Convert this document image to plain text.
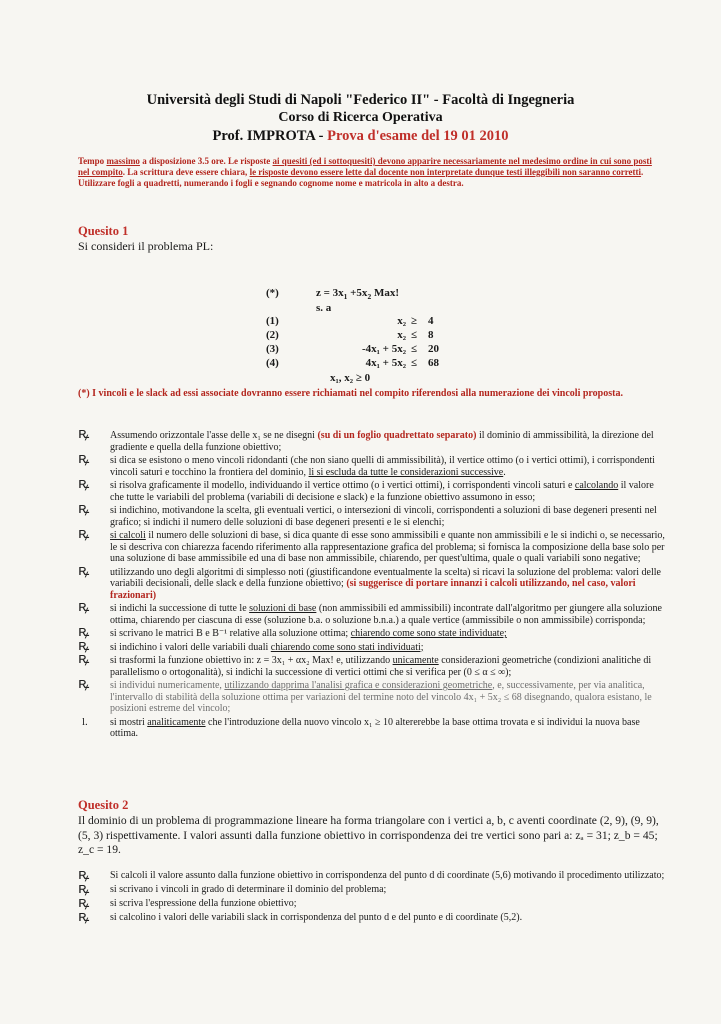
Università degli Studi di Napoli "Federico II" - Facoltà di Ingegneria
Corso di Ricerca Operativa
Prof. IMPROTA - Prova d'esame del 19 01 2010
Tempo massimo a disposizione 3.5 ore. Le risposte ai quesiti (ed i sottoquesiti) devono apparire necessariamente nel medesimo ordine in cui sono posti nel compito. La scrittura deve essere chiara, le risposte devono essere lette dal docente non interpretate dunque testi illeggibili non saranno corretti. Utilizzare fogli a quadretti, numerando i fogli e segnando cognome nome e matricola in alto a destra.
Quesito 1
Si consideri il problema PL:
(*)	$z = 3x_1 +5x_2$ Max!
s. a
(1)	x₂ ≥ 4
(2)	x₂ ≤ 8
(3)	-4x₁ + 5x₂ ≤ 20
(4)	4x₁ + 5x₂ ≤ 68
x₁, x₂ ≥ 0
(*) I vincoli e le slack ad essi associate dovranno essere richiamati nel compito riferendosi alla numerazione dei vincoli proposta.
ꝶ Assumendo orizzontale l'asse delle x₁ se ne disegni (su di un foglio quadrettato separato) il dominio di ammissibilità, la direzione del gradiente e quella della funzione obiettivo;
ꝶ si dica se esistono o meno vincoli ridondanti (che non siano quelli di ammissibilità), il vertice ottimo (o i vertici ottimi), i corrispondenti vincoli saturi e tocchino la frontiera del dominio, li si escluda da tutte le considerazioni successive.
ꝶ si risolva graficamente il modello, individuando il vertice ottimo (o i vertici ottimi), i corrispondenti vincoli saturi e calcolando il valore che tutte le variabili del problema (variabili di decisione e slack) e la funzione obiettivo assumono in esso;
ꝶ si indichino, motivandone la scelta, gli eventuali vertici, o intersezioni di vincoli, corrispondenti a soluzioni di base degeneri presenti nel grafico; si indichi il numero delle soluzioni di base degeneri presenti e le si elenchi;
ꝶ si calcoli il numero delle soluzioni di base, si dica quante di esse sono ammissibili e quante non ammissibili e le si indichi o, se necessario, le si descriva con chiarezza facendo riferimento alla rappresentazione grafica del problema; si fornisca la composizione della base solo per una soluzione di base ammissibile ed una di base non ammissibile, chiarendo, per quest'ultima, quale o quali variabili sono negative;
ꝶ utilizzando uno degli algoritmi di simplesso noti (giustificandone eventualmente la scelta) si ricavi la soluzione del problema: valori delle variabili decisionali, delle slack e della funzione obiettivo; (si suggerisce di portare innanzi i calcoli utilizzando, nel caso, valori frazionari)
ꝶ si indichi la successione di tutte le soluzioni di base (non ammissibili ed ammissibili) incontrate dall'algoritmo per giungere alla soluzione ottima, chiarendo per ciascuna di esse (soluzione b.a. o soluzione b.n.a.) a quale vertice (ammissibile o non ammissibile) corrisponda;
ꝶ si scrivano le matrici B e B⁻¹ relative alla soluzione ottima; chiarendo come sono state individuate;
ꝶ si indichino i valori delle variabili duali chiarendo come sono stati individuati;
ꝶ si trasformi la funzione obiettivo in: z = 3x₁ + αx₂ Max! e, utilizzando unicamente considerazioni geometriche (condizioni analitiche di parallelismo o ortogonalità), si indichi la successione di vertici ottimi che si verifica per (0 ≤ α ≤ ∞);
ꝶ si individui numericamente, utilizzando dapprima l'analisi grafica e considerazioni geometriche, e, successivamente, per via analitica, l'intervallo di stabilità della soluzione ottima per variazioni del termine noto del vincolo 4x₁ + 5x₂ ≤ 68 disegnando, qualora esistano, le posizioni estreme del vincolo;
l. si mostri analiticamente che l'introduzione della nuovo vincolo x₁ ≥ 10 altererebbe la base ottima trovata e si individui la nuova base ottima.
Quesito 2
Il dominio di un problema di programmazione lineare ha forma triangolare con i vertici a, b, c aventi coordinate (2, 9), (9, 9), (5, 3) rispettivamente. I valori assunti dalla funzione obiettivo in corrispondenza dei tre vertici sono pari a: zₐ = 31; z_b = 45; z_c = 19.
ꝶ Si calcoli il valore assunto dalla funzione obiettivo in corrispondenza del punto d di coordinate (5,6) motivando il procedimento utilizzato;
ꝶ si scrivano i vincoli in grado di determinare il dominio del problema;
ꝶ si scriva l'espressione della funzione obiettivo;
ꝶ si calcolino i valori delle variabili slack in corrispondenza del punto d e del punto e di coordinate (5,2).
